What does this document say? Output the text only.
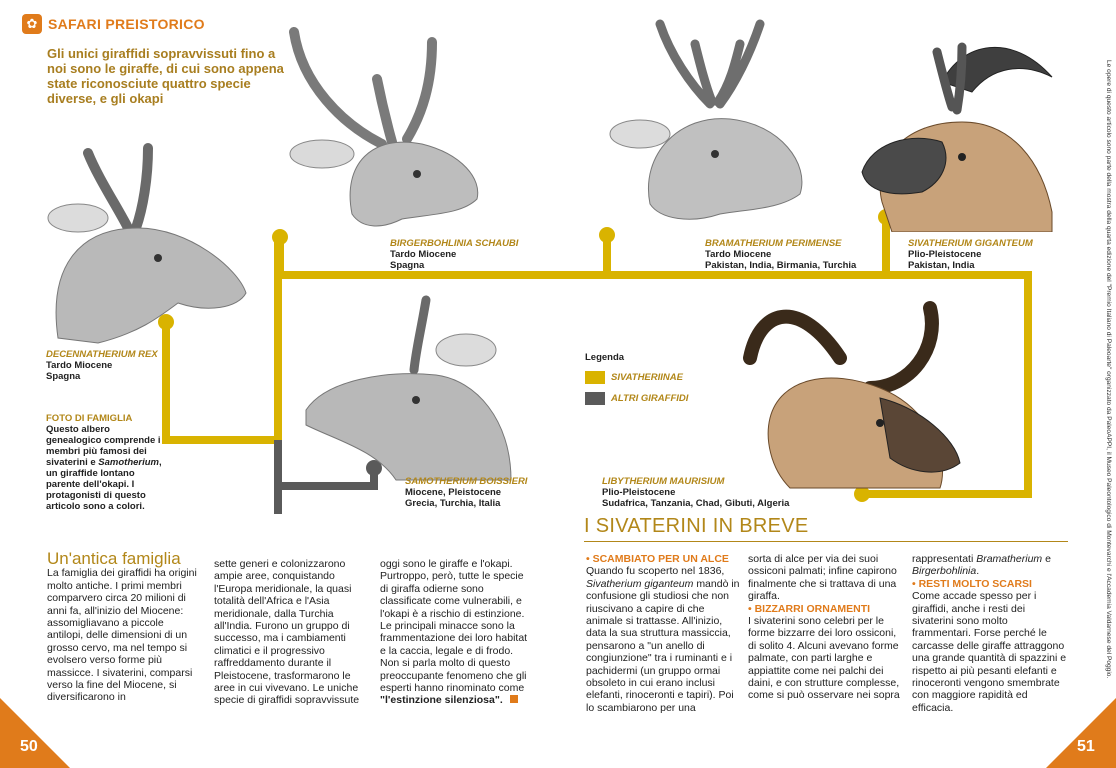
✿ SAFARI PREISTORICO
Gli unici giraffidi sopravvissuti fino a noi sono le giraffe, di cui sono appena state riconosciute quattro specie diverse, e gli okapi
DECENNATHERIUM REX
Tardo Miocene
Spagna
BIRGERBOHLINIA SCHAUBI
Tardo Miocene
Spagna
BRAMATHERIUM PERIMENSE
Tardo Miocene
Pakistan, India, Birmania, Turchia
SIVATHERIUM GIGANTEUM
Plio-Pleistocene
Pakistan, India
SAMOTHERIUM BOISSIERI
Miocene, Pleistocene
Grecia, Turchia, Italia
LIBYTHERIUM MAURISIUM
Plio-Pleistocene
Sudafrica, Tanzania, Chad, Gibuti, Algeria
FOTO DI FAMIGLIA
Questo albero genealogico comprende i membri più famosi dei sivaterini e Samotherium, un giraffide lontano parente dell'okapi. I protagonisti di questo articolo sono a colori.
Legenda
SIVATHERIINAE
ALTRI GIRAFFIDI
Un'antica famiglia
La famiglia dei giraffidi ha origini molto antiche. I primi membri comparvero circa 20 milioni di anni fa, all'inizio del Miocene: assomigliavano a piccole antilopi, delle dimensioni di un grosso cervo, ma nel tempo si evolsero verso forme più massicce. I sivaterini, comparsi verso la fine del Miocene, si diversificarono in
sette generi e colonizzarono ampie aree, conquistando l'Europa meridionale, la quasi totalità dell'Africa e l'Asia meridionale, dalla Turchia all'India. Furono un gruppo di successo, ma i cambiamenti climatici e il progressivo raffreddamento durante il Pleistocene, trasformarono le aree in cui vivevano. Le uniche specie di giraffidi sopravvissute
oggi sono le giraffe e l'okapi. Purtroppo, però, tutte le specie di giraffa odierne sono classificate come vulnerabili, e l'okapi è a rischio di estinzione. Le principali minacce sono la frammentazione dei loro habitat e la caccia, legale e di frodo. Non si parla molto di questo preoccupante fenomeno che gli esperti hanno rinominato come "l'estinzione silenziosa".
I SIVATERINI IN BREVE
• SCAMBIATO PER UN ALCE
Quando fu scoperto nel 1836, Sivatherium giganteum mandò in confusione gli studiosi che non riuscivano a capire di che animale si trattasse. All'inizio, data la sua struttura massiccia, pensarono a "un anello di congiunzione" tra i ruminanti e i pachidermi (un gruppo ormai obsoleto in cui erano inclusi elefanti, rinoceronti e tapiri). Poi lo scambiarono per una
sorta di alce per via dei suoi ossiconi palmati; infine capirono finalmente che si trattava di una giraffa.
• BIZZARRI ORNAMENTI
I sivaterini sono celebri per le forme bizzarre dei loro ossiconi, di solito 4. Alcuni avevano forme palmate, con parti larghe e appiattite come nei palchi dei daini, e con strutture complesse, come si può osservare nei sopra
rappresentati Bramatherium e Birgerbohlinia.
• RESTI MOLTO SCARSI
Come accade spesso per i giraffidi, anche i resti dei sivaterini sono molto frammentari. Forse perché le carcasse delle giraffe attraggono una grande quantità di spazzini e rispetto ai più pesanti elefanti e rinoceronti vengono smembrate con maggiore rapidità ed efficacia.
50	51
Le opere di questo articolo sono parte della mostra della quarta edizione del "Premio Italiano di Paleoarte" organizzato da PaleoAPPI, il Museo Paleontologico di Montevarchi e l'Accademia Valdarnese del Poggio.
